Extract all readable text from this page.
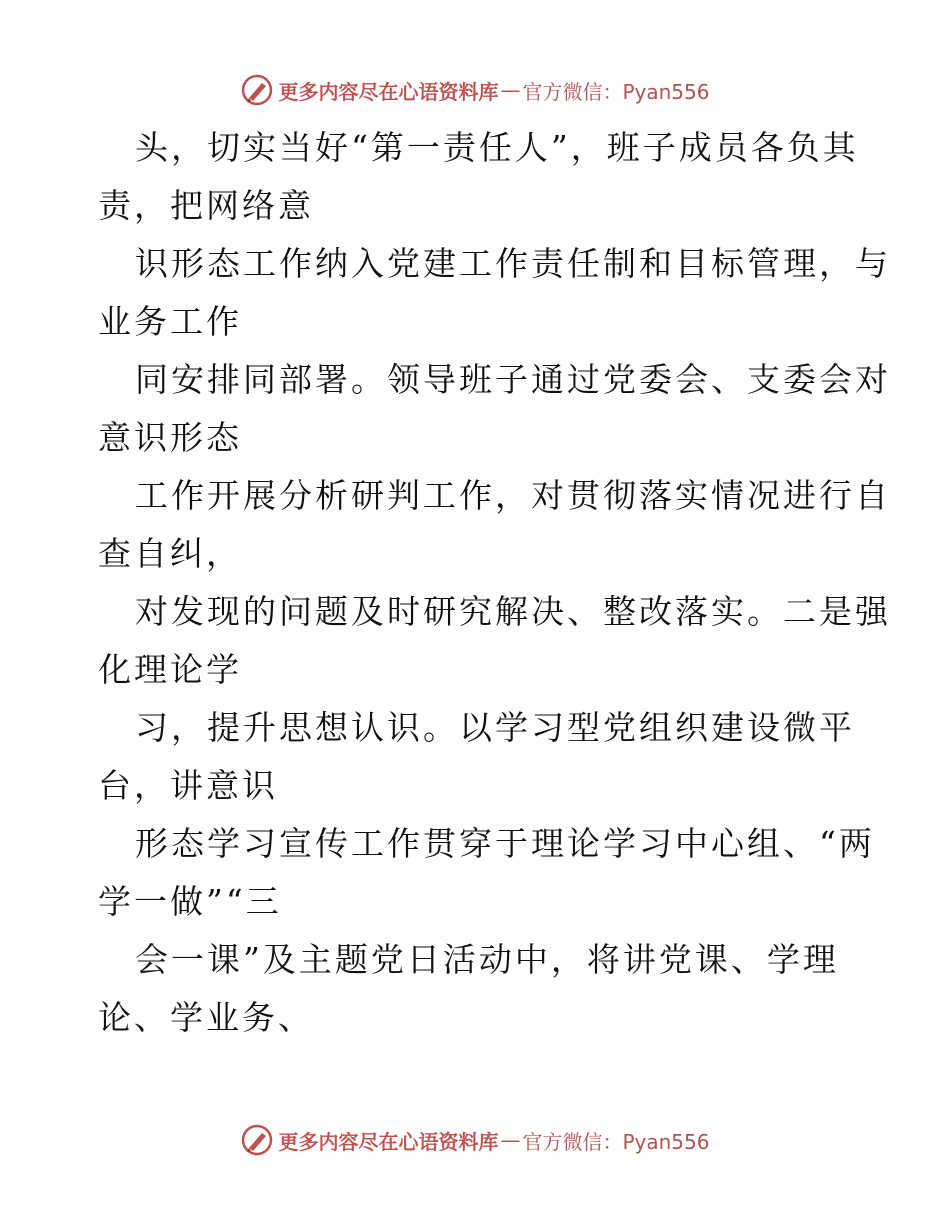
更多内容尽在心语资料库 — 官方微信：Pyan556
头，切实当好“第一责任人”，班子成员各负其
责，把网络意
识形态工作纳入党建工作责任制和目标管理，与
业务工作
同安排同部署。领导班子通过党委会、支委会对
意识形态
工作开展分析研判工作，对贯彻落实情况进行自
查自纠，
对发现的问题及时研究解决、整改落实。二是强
化理论学
习，提升思想认识。以学习型党组织建设微平
台，讲意识
形态学习宣传工作贯穿于理论学习中心组、“两
学一做”“三
会一课”及主题党日活动中，将讲党课、学理
论、学业务、
更多内容尽在心语资料库 — 官方微信：Pyan556
